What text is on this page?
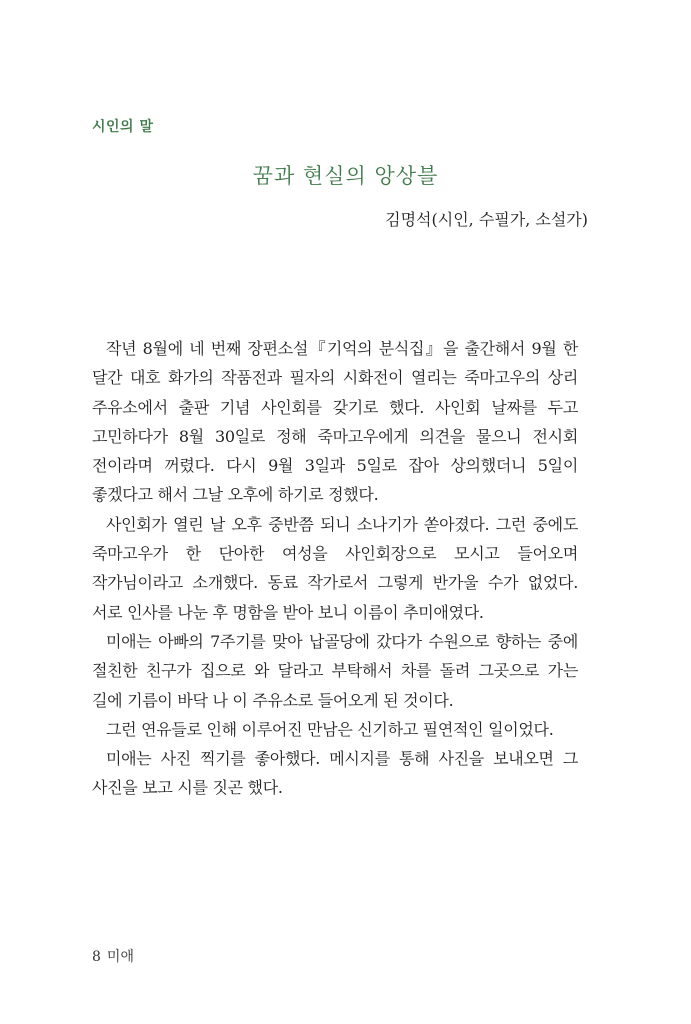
시인의 말
꿈과 현실의 앙상블
김명석(시인, 수필가, 소설가)

작년 8월에 네 번째 장편소설『기억의 분식집』을 출간해서 9월 한 달간 대호 화가의 작품전과 필자의 시화전이 열리는 죽마고우의 상리 주유소에서 출판 기념 사인회를 갖기로 했다. 사인회 날짜를 두고 고민하다가 8월 30일로 정해 죽마고우에게 의견을 물으니 전시회 전이라며 꺼렸다. 다시 9월 3일과 5일로 잡아 상의했더니 5일이 좋겠다고 해서 그날 오후에 하기로 정했다.

사인회가 열린 날 오후 중반쯤 되니 소나기가 쏟아졌다. 그런 중에도 죽마고우가 한 단아한 여성을 사인회장으로 모시고 들어오며 작가님이라고 소개했다. 동료 작가로서 그렇게 반가울 수가 없었다. 서로 인사를 나눈 후 명함을 받아 보니 이름이 추미애였다.

미애는 아빠의 7주기를 맞아 납골당에 갔다가 수원으로 향하는 중에 절친한 친구가 집으로 와 달라고 부탁해서 차를 돌려 그곳으로 가는 길에 기름이 바닥 나 이 주유소로 들어오게 된 것이다.

그런 연유들로 인해 이루어진 만남은 신기하고 필연적인 일이었다.

미애는 사진 찍기를 좋아했다. 메시지를 통해 사진을 보내오면 그 사진을 보고 시를 짓곤 했다.

8 미애
